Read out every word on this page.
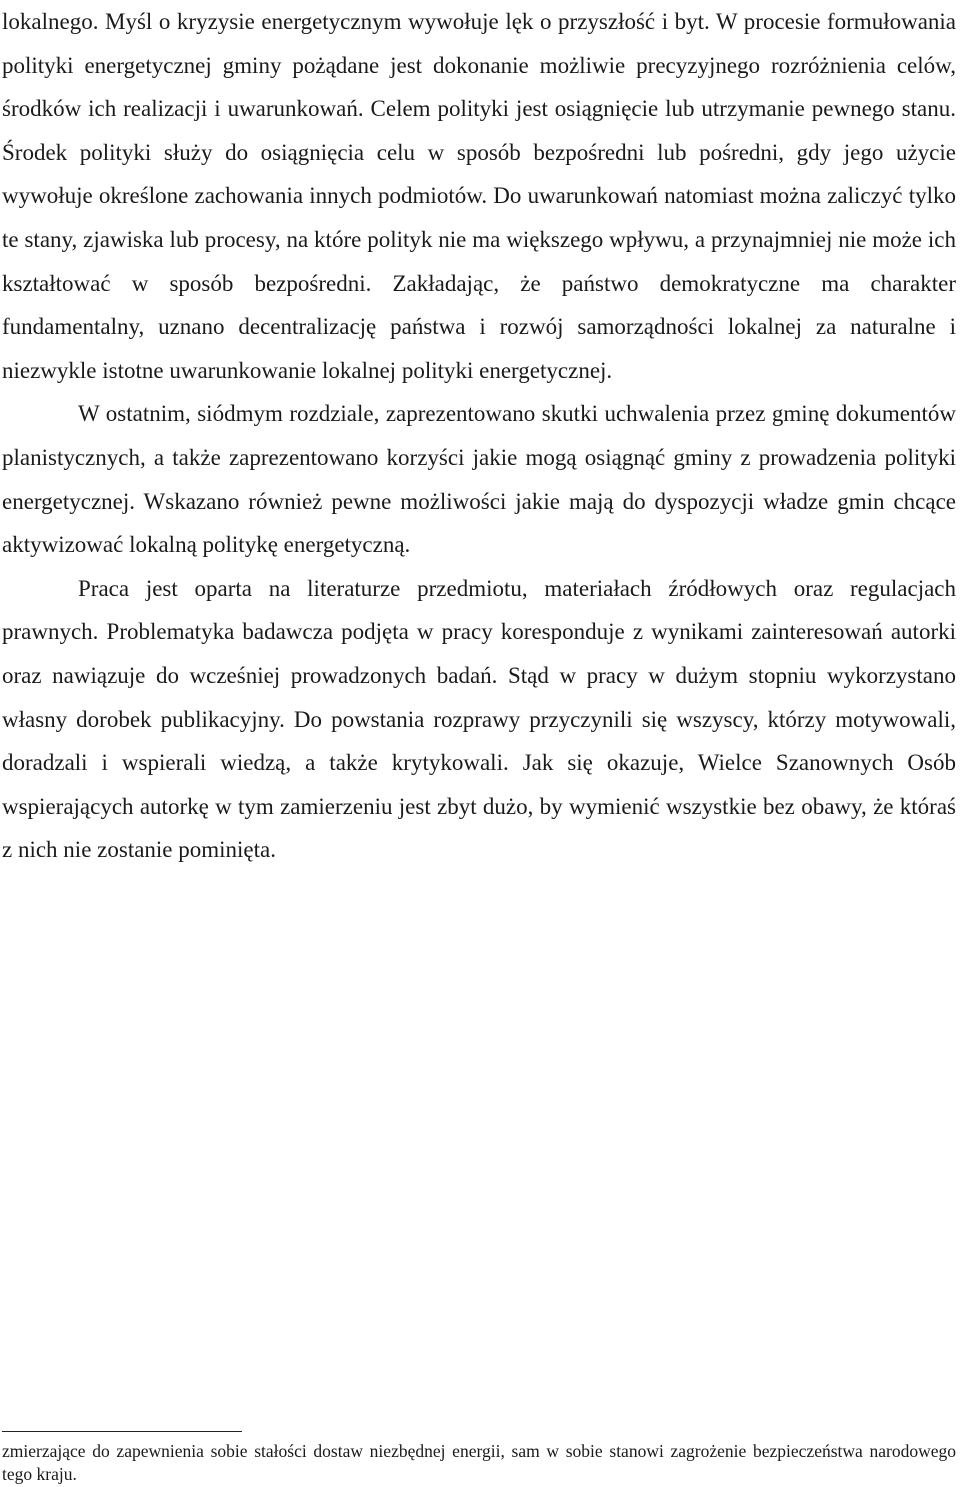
lokalnego. Myśl o kryzysie energetycznym wywołuje lęk o przyszłość i byt. W procesie formułowania polityki energetycznej gminy pożądane jest dokonanie możliwie precyzyjnego rozróżnienia celów, środków ich realizacji i uwarunkowań. Celem polityki jest osiągnięcie lub utrzymanie pewnego stanu. Środek polityki służy do osiągnięcia celu w sposób bezpośredni lub pośredni, gdy jego użycie wywołuje określone zachowania innych podmiotów. Do uwarunkowań natomiast można zaliczyć tylko te stany, zjawiska lub procesy, na które polityk nie ma większego wpływu, a przynajmniej nie może ich kształtować w sposób bezpośredni. Zakładając, że państwo demokratyczne ma charakter fundamentalny, uznano decentralizację państwa i rozwój samorządności lokalnej za naturalne i niezwykle istotne uwarunkowanie lokalnej polityki energetycznej.

W ostatnim, siódmym rozdziale, zaprezentowano skutki uchwalenia przez gminę dokumentów planistycznych, a także zaprezentowano korzyści jakie mogą osiągnąć gminy z prowadzenia polityki energetycznej. Wskazano również pewne możliwości jakie mają do dyspozycji władze gmin chcące aktywizować lokalną politykę energetyczną.

Praca jest oparta na literaturze przedmiotu, materiałach źródłowych oraz regulacjach prawnych. Problematyka badawcza podjęta w pracy koresponduje z wynikami zainteresowań autorki oraz nawiązuje do wcześniej prowadzonych badań. Stąd w pracy w dużym stopniu wykorzystano własny dorobek publikacyjny. Do powstania rozprawy przyczynili się wszyscy, którzy motywowali, doradzali i wspierali wiedzą, a także krytykowali. Jak się okazuje, Wielce Szanownych Osób wspierających autorkę w tym zamierzeniu jest zbyt dużo, by wymienić wszystkie bez obawy, że któraś z nich nie zostanie pominięta.

zmierzające do zapewnienia sobie stałości dostaw niezbędnej energii, sam w sobie stanowi zagrożenie bezpieczeństwa narodowego tego kraju.
